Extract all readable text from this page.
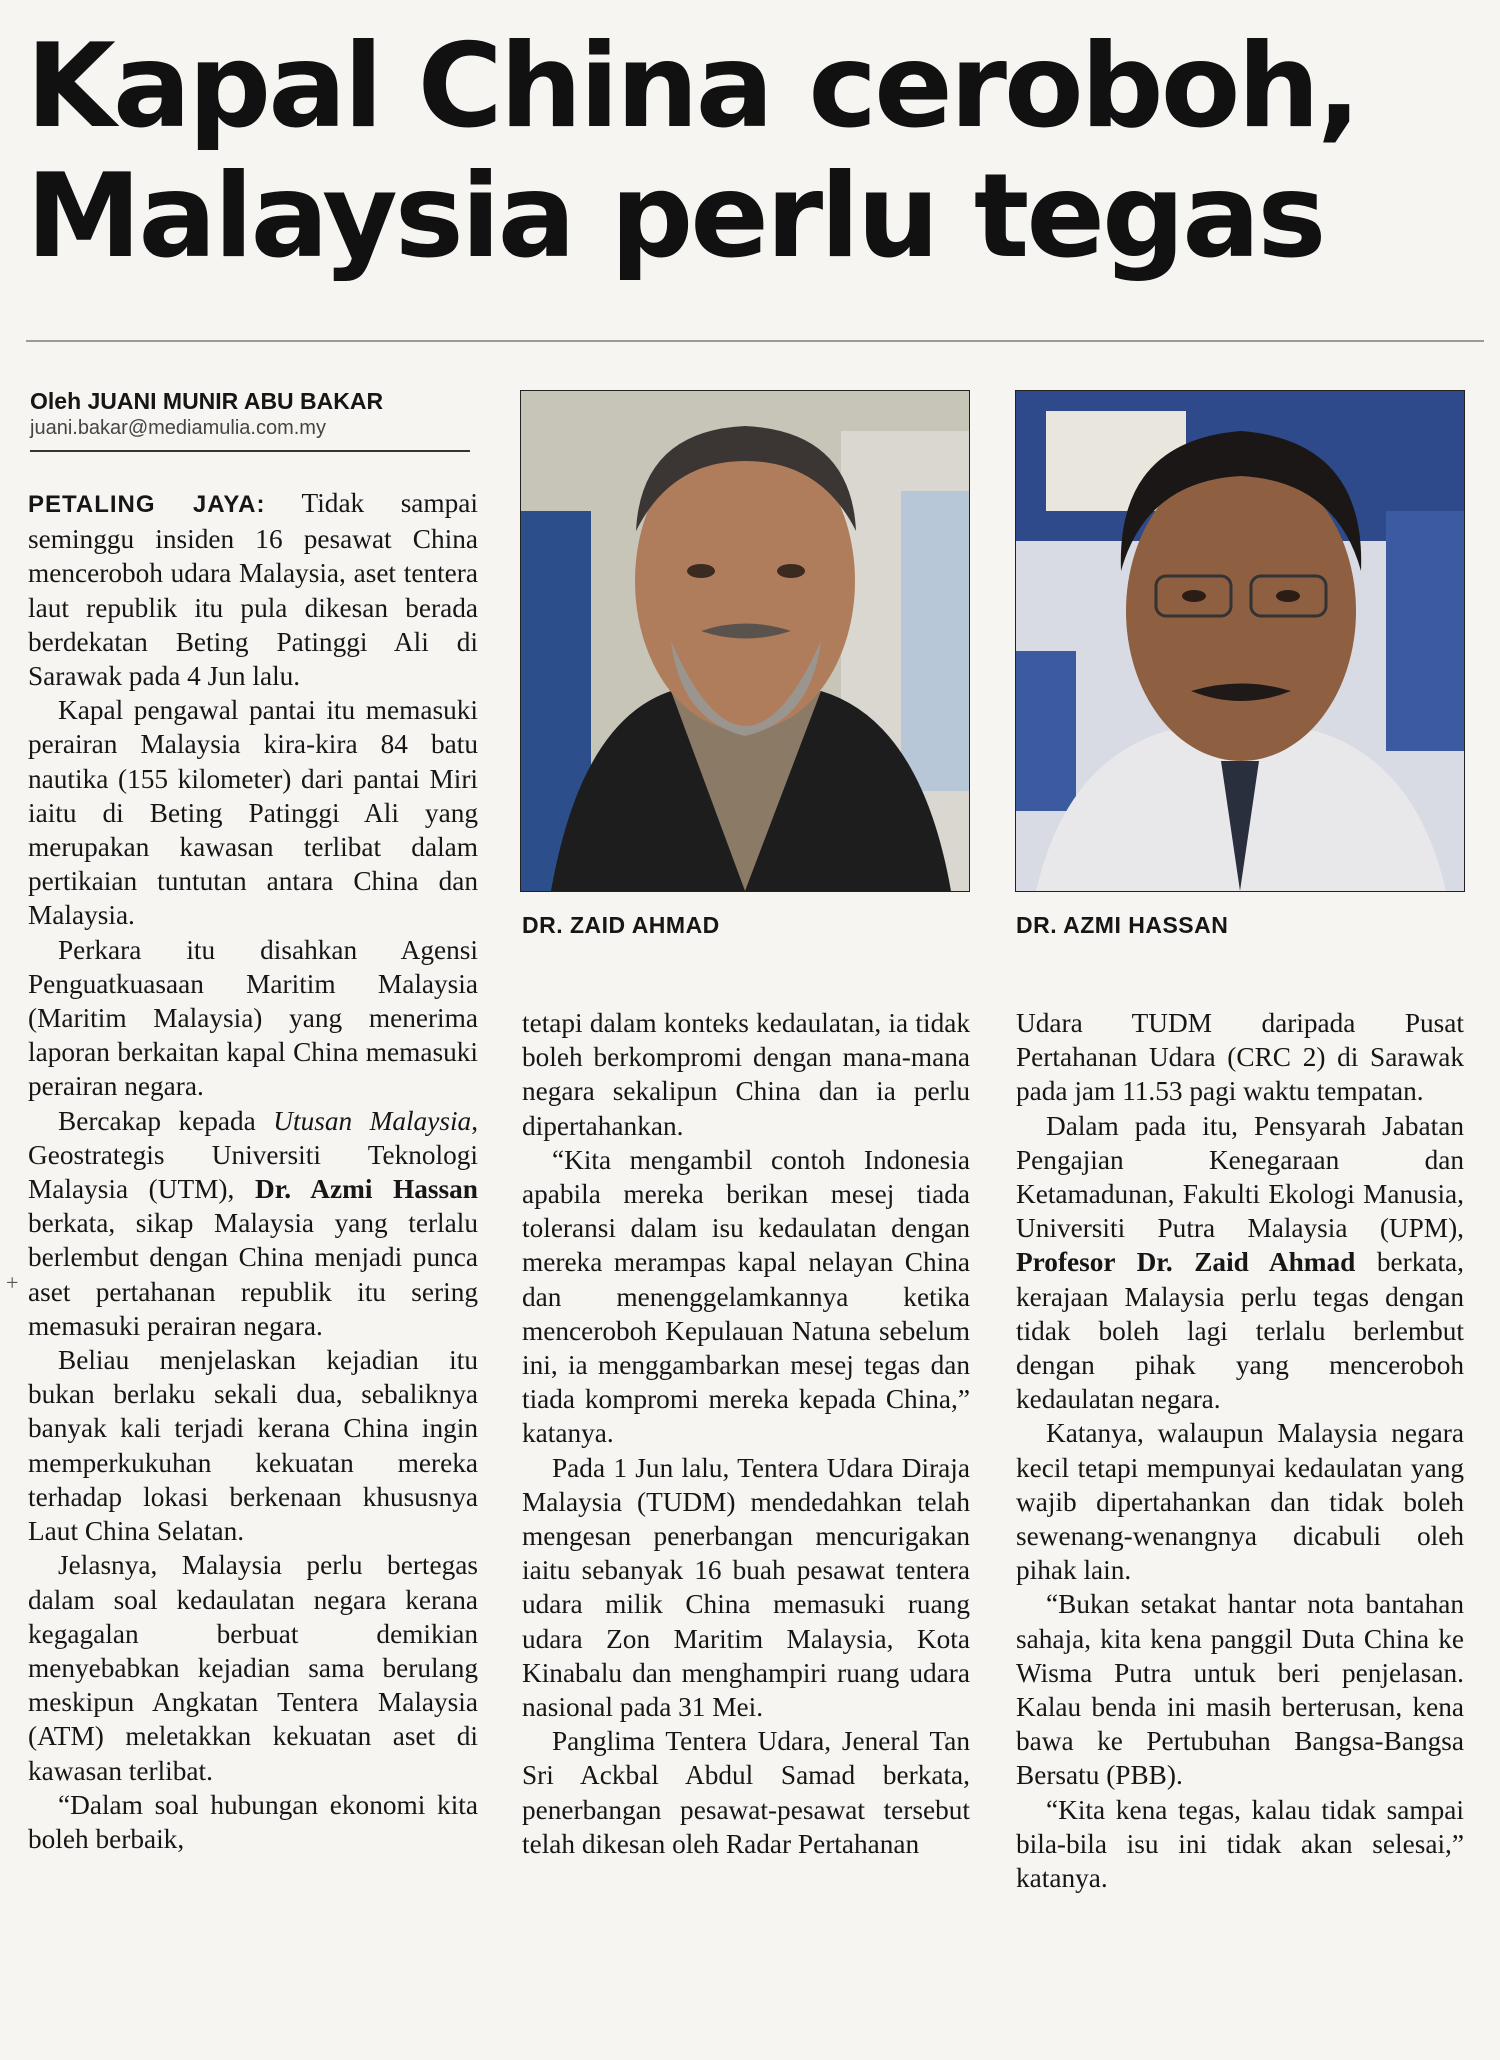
Kapal China ceroboh,
Malaysia perlu tegas
Oleh JUANI MUNIR ABU BAKAR
juani.bakar@mediamulia.com.my
DR. ZAID AHMAD	DR. AZMI HASSAN

PETALING JAYA: Tidak sampai seminggu insiden 16 pesawat China menceroboh udara Malaysia, aset tentera laut republik itu pula dikesan berada berdekatan Beting Patinggi Ali di Sarawak pada 4 Jun lalu.

Kapal pengawal pantai itu memasuki perairan Malaysia kira-kira 84 batu nautika (155 kilometer) dari pantai Miri iaitu di Beting Patinggi Ali yang merupakan kawasan terlibat dalam pertikaian tuntutan antara China dan Malaysia.

Perkara itu disahkan Agensi Penguatkuasaan Maritim Malaysia (Maritim Malaysia) yang menerima laporan berkaitan kapal China memasuki perairan negara.

Bercakap kepada Utusan Malaysia, Geostrategis Universiti Teknologi Malaysia (UTM), Dr. Azmi Hassan berkata, sikap Malaysia yang terlalu berlembut dengan China menjadi punca aset pertahanan republik itu sering memasuki perairan negara.

Beliau menjelaskan kejadian itu bukan berlaku sekali dua, sebaliknya banyak kali terjadi kerana China ingin memperkukuhan kekuatan mereka terhadap lokasi berkenaan khususnya Laut China Selatan.

Jelasnya, Malaysia perlu bertegas dalam soal kedaulatan negara kerana kegagalan berbuat demikian menyebabkan kejadian sama berulang meskipun Angkatan Tentera Malaysia (ATM) meletakkan kekuatan aset di kawasan terlibat.

“Dalam soal hubungan ekonomi kita boleh berbaik,

+

tetapi dalam konteks kedaulatan, ia tidak boleh berkompromi dengan mana-mana negara sekalipun China dan ia perlu dipertahankan.

“Kita mengambil contoh Indonesia apabila mereka berikan mesej tiada toleransi dalam isu kedaulatan dengan mereka merampas kapal nelayan China dan menenggelamkannya ketika menceroboh Kepulauan Natuna sebelum ini, ia menggambarkan mesej tegas dan tiada kompromi mereka kepada China,” katanya.

Pada 1 Jun lalu, Tentera Udara Diraja Malaysia (TUDM) mendedahkan telah mengesan penerbangan mencurigakan iaitu sebanyak 16 buah pesawat tentera udara milik China memasuki ruang udara Zon Maritim Malaysia, Kota Kinabalu dan menghampiri ruang udara nasional pada 31 Mei.

Panglima Tentera Udara, Jeneral Tan Sri Ackbal Abdul Samad berkata, penerbangan pesawat-pesawat tersebut telah dikesan oleh Radar Pertahanan

Udara TUDM daripada Pusat Pertahanan Udara (CRC 2) di Sarawak pada jam 11.53 pagi waktu tempatan.

Dalam pada itu, Pensyarah Jabatan Pengajian Kenegaraan dan Ketamadunan, Fakulti Ekologi Manusia, Universiti Putra Malaysia (UPM), Profesor Dr. Zaid Ahmad berkata, kerajaan Malaysia perlu tegas dengan tidak boleh lagi terlalu berlembut dengan pihak yang menceroboh kedaulatan negara.

Katanya, walaupun Malaysia negara kecil tetapi mempunyai kedaulatan yang wajib dipertahankan dan tidak boleh sewenang-wenangnya dicabuli oleh pihak lain.

“Bukan setakat hantar nota bantahan sahaja, kita kena panggil Duta China ke Wisma Putra untuk beri penjelasan. Kalau benda ini masih berterusan, kena bawa ke Pertubuhan Bangsa-Bangsa Bersatu (PBB).

“Kita kena tegas, kalau tidak sampai bila-bila isu ini tidak akan selesai,” katanya.
